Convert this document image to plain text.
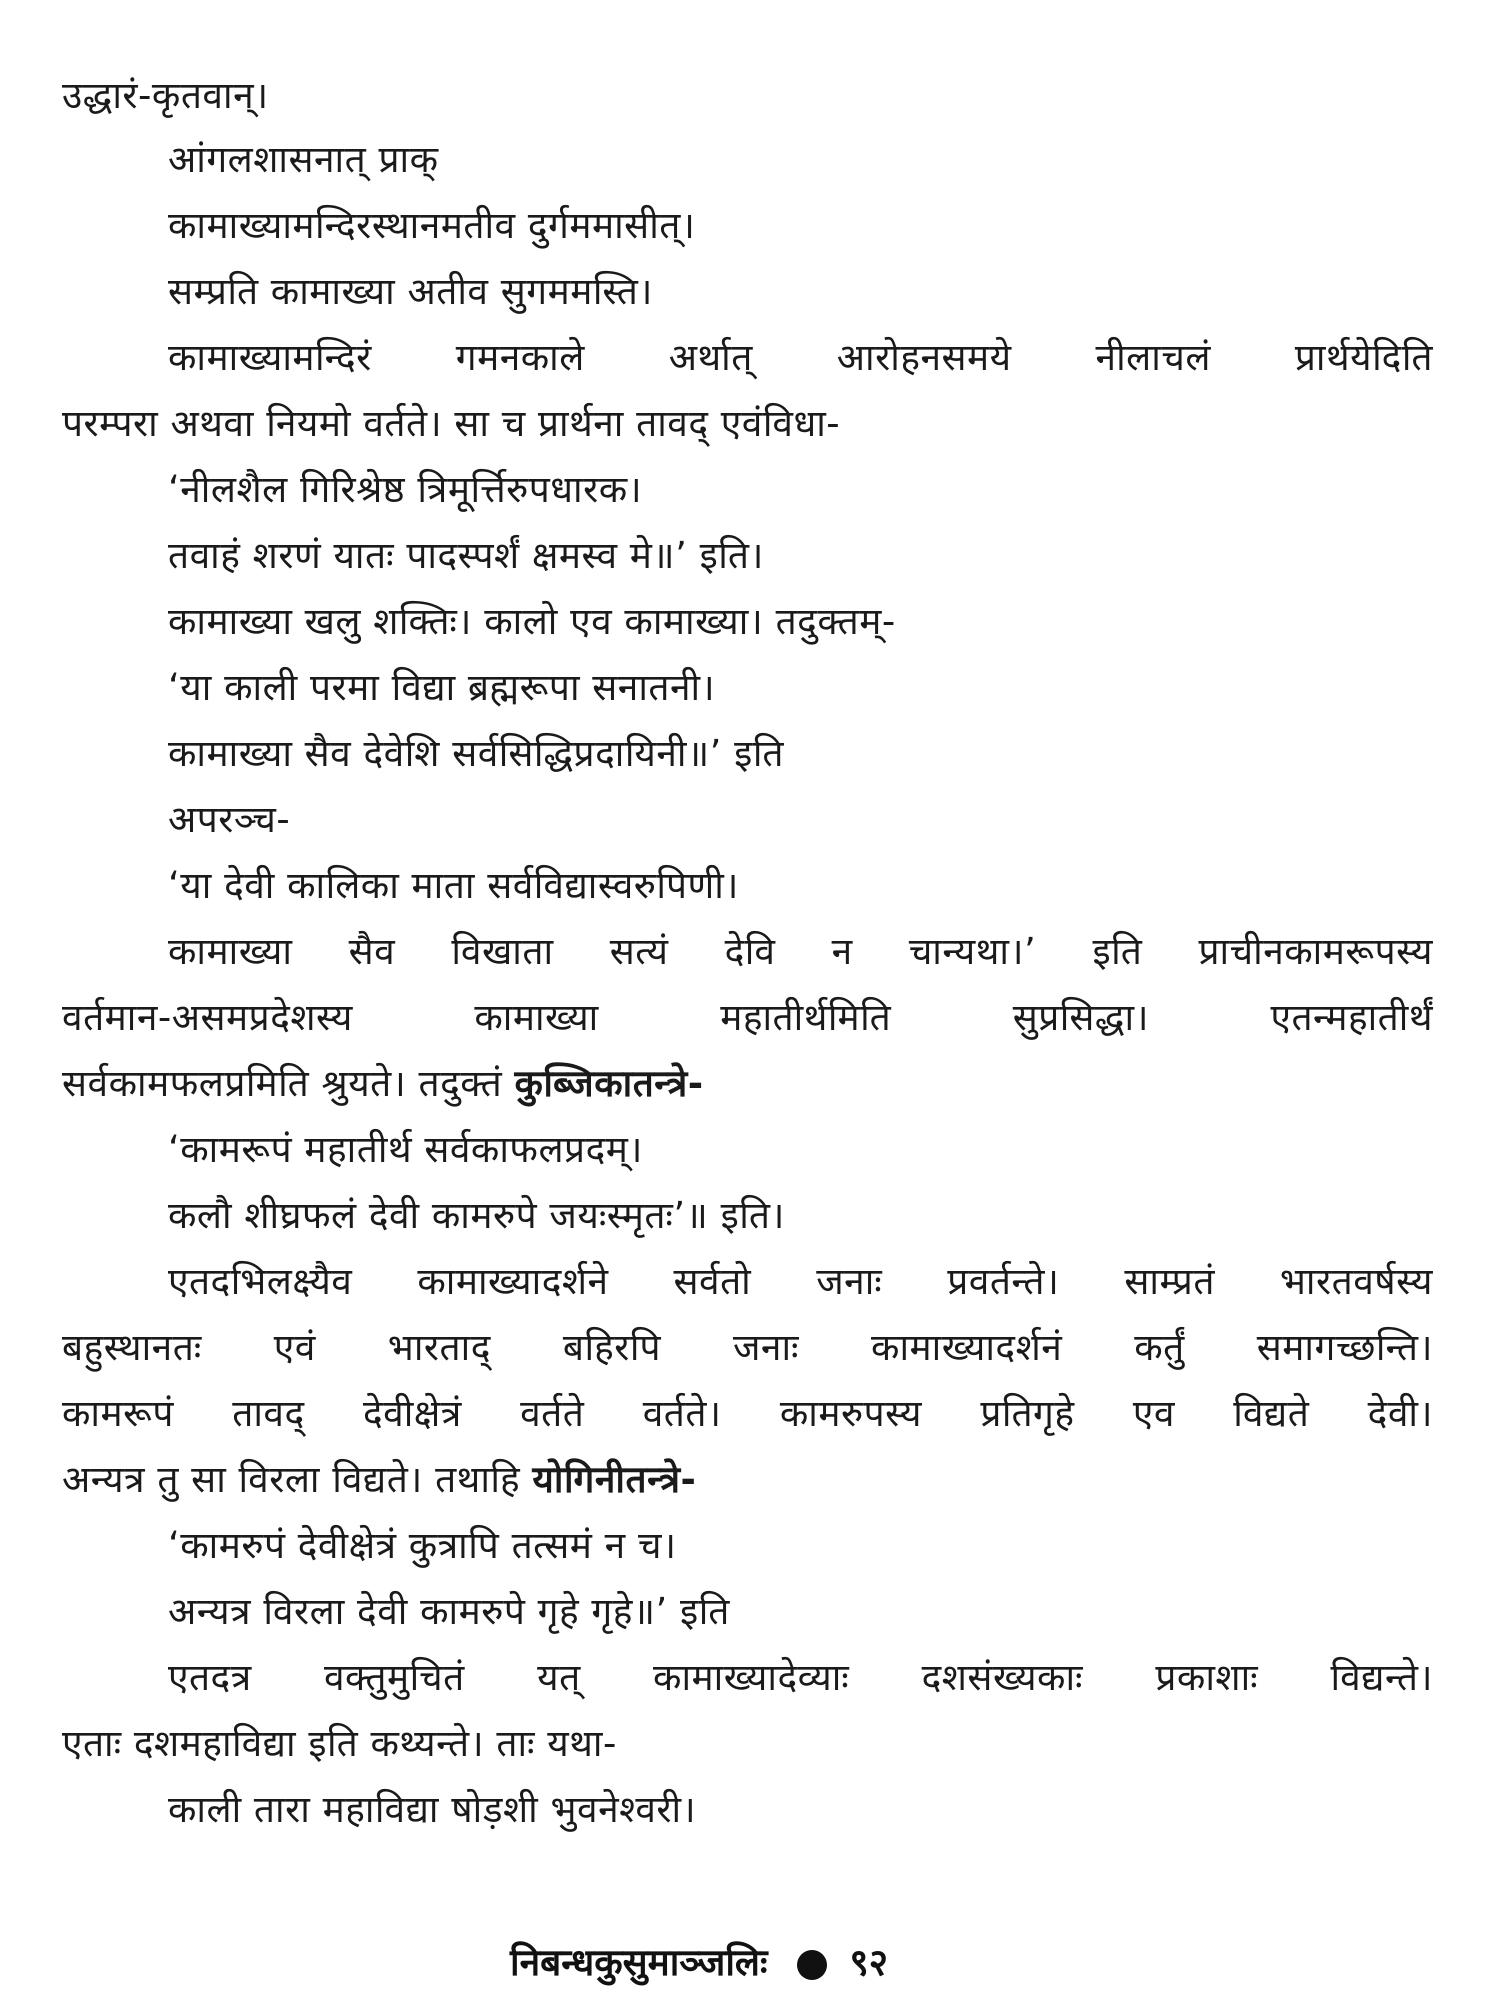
उद्धारं-कृतवान्।
आंगलशासनात् प्राक्
कामाख्यामन्दिरस्थानमतीव दुर्गममासीत्।
सम्प्रति कामाख्या अतीव सुगममस्ति।
कामाख्यामन्दिरं गमनकाले अर्थात् आरोहनसमये नीलाचलं प्रार्थयेदिति
परम्परा अथवा नियमो वर्तते। सा च प्रार्थना तावद् एवंविधा-
‘नीलशैल गिरिश्रेष्ठ त्रिमूर्त्तिरुपधारक।
तवाहं शरणं यातः पादस्पर्शं क्षमस्व मे॥’ इति।
कामाख्या खलु शक्तिः। कालो एव कामाख्या। तदुक्तम्-
‘या काली परमा विद्या ब्रह्मरूपा सनातनी।
कामाख्या सैव देवेशि सर्वसिद्धिप्रदायिनी॥’ इति
अपरञ्च-
‘या देवी कालिका माता सर्वविद्यास्वरुपिणी।
कामाख्या सैव विखाता सत्यं देवि न चान्यथा।’ इति प्राचीनकामरूपस्य
वर्तमान-असमप्रदेशस्य कामाख्या महातीर्थमिति सुप्रसिद्धा। एतन्महातीर्थं
सर्वकामफलप्रमिति श्रुयते। तदुक्तं कुब्जिकातन्त्रे-
‘कामरूपं महातीर्थ सर्वकाफलप्रदम्।
कलौ शीघ्रफलं देवी कामरुपे जयःस्मृतः’॥ इति।
एतदभिलक्ष्यैव कामाख्यादर्शने सर्वतो जनाः प्रवर्तन्ते। साम्प्रतं भारतवर्षस्य
बहुस्थानतः एवं भारताद् बहिरपि जनाः कामाख्यादर्शनं कर्तुं समागच्छन्ति।
कामरूपं तावद् देवीक्षेत्रं वर्तते वर्तते। कामरुपस्य प्रतिगृहे एव विद्यते देवी।
अन्यत्र तु सा विरला विद्यते। तथाहि योगिनीतन्त्रे-
‘कामरुपं देवीक्षेत्रं कुत्रापि तत्समं न च।
अन्यत्र विरला देवी कामरुपे गृहे गृहे॥’ इति
एतदत्र वक्तुमुचितं यत् कामाख्यादेव्याः दशसंख्यकाः प्रकाशाः विद्यन्ते।
एताः दशमहाविद्या इति कथ्यन्ते। ताः यथा-
काली तारा महाविद्या षोड़शी भुवनेश्वरी।
निबन्धकुसुमाञ्जलिः ९२
